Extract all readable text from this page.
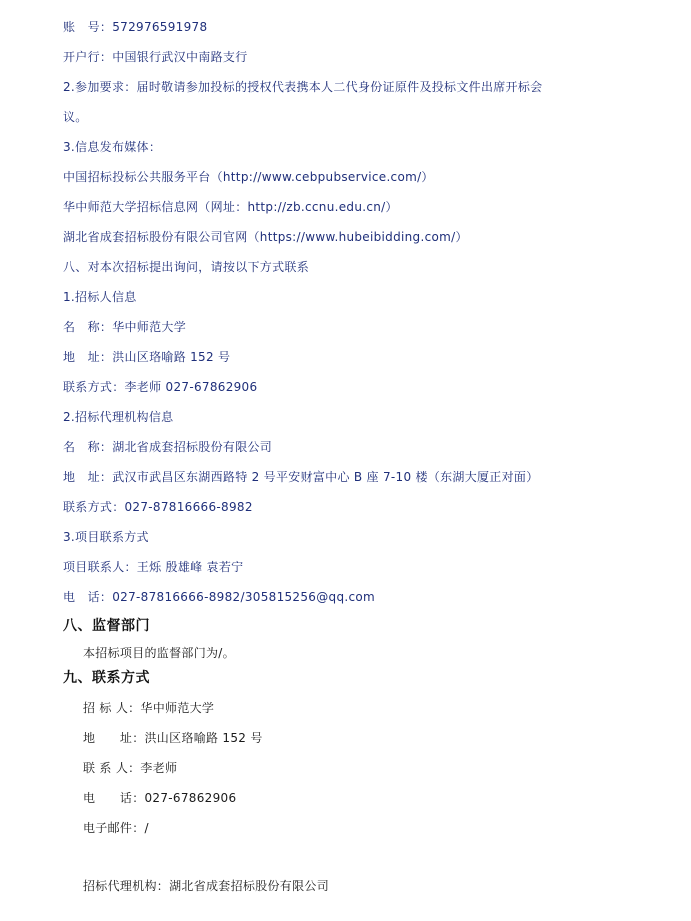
账　号：572976591978
开户行：中国银行武汉中南路支行
2.参加要求：届时敬请参加投标的授权代表携本人二代身份证原件及投标文件出席开标会
议。
3.信息发布媒体：
中国招标投标公共服务平台（http://www.cebpubservice.com/）
华中师范大学招标信息网（网址：http://zb.ccnu.edu.cn/）
湖北省成套招标股份有限公司官网（https://www.hubeibidding.com/）
八、对本次招标提出询问，请按以下方式联系
1.招标人信息
名　称：华中师范大学
地　址：洪山区珞喻路 152 号
联系方式：李老师 027-67862906
2.招标代理机构信息
名　称：湖北省成套招标股份有限公司
地　址：武汉市武昌区东湖西路特 2 号平安财富中心 B 座 7-10 楼（东湖大厦正对面）
联系方式：027-87816666-8982
3.项目联系方式
项目联系人：王烁 殷雄峰 袁若宁
电　话：027-87816666-8982/305815256@qq.com
八、监督部门
本招标项目的监督部门为/。
九、联系方式
招 标 人：华中师范大学
地　　址：洪山区珞喻路 152 号
联 系 人：李老师
电　　话：027-67862906
电子邮件：/
招标代理机构：湖北省成套招标股份有限公司
